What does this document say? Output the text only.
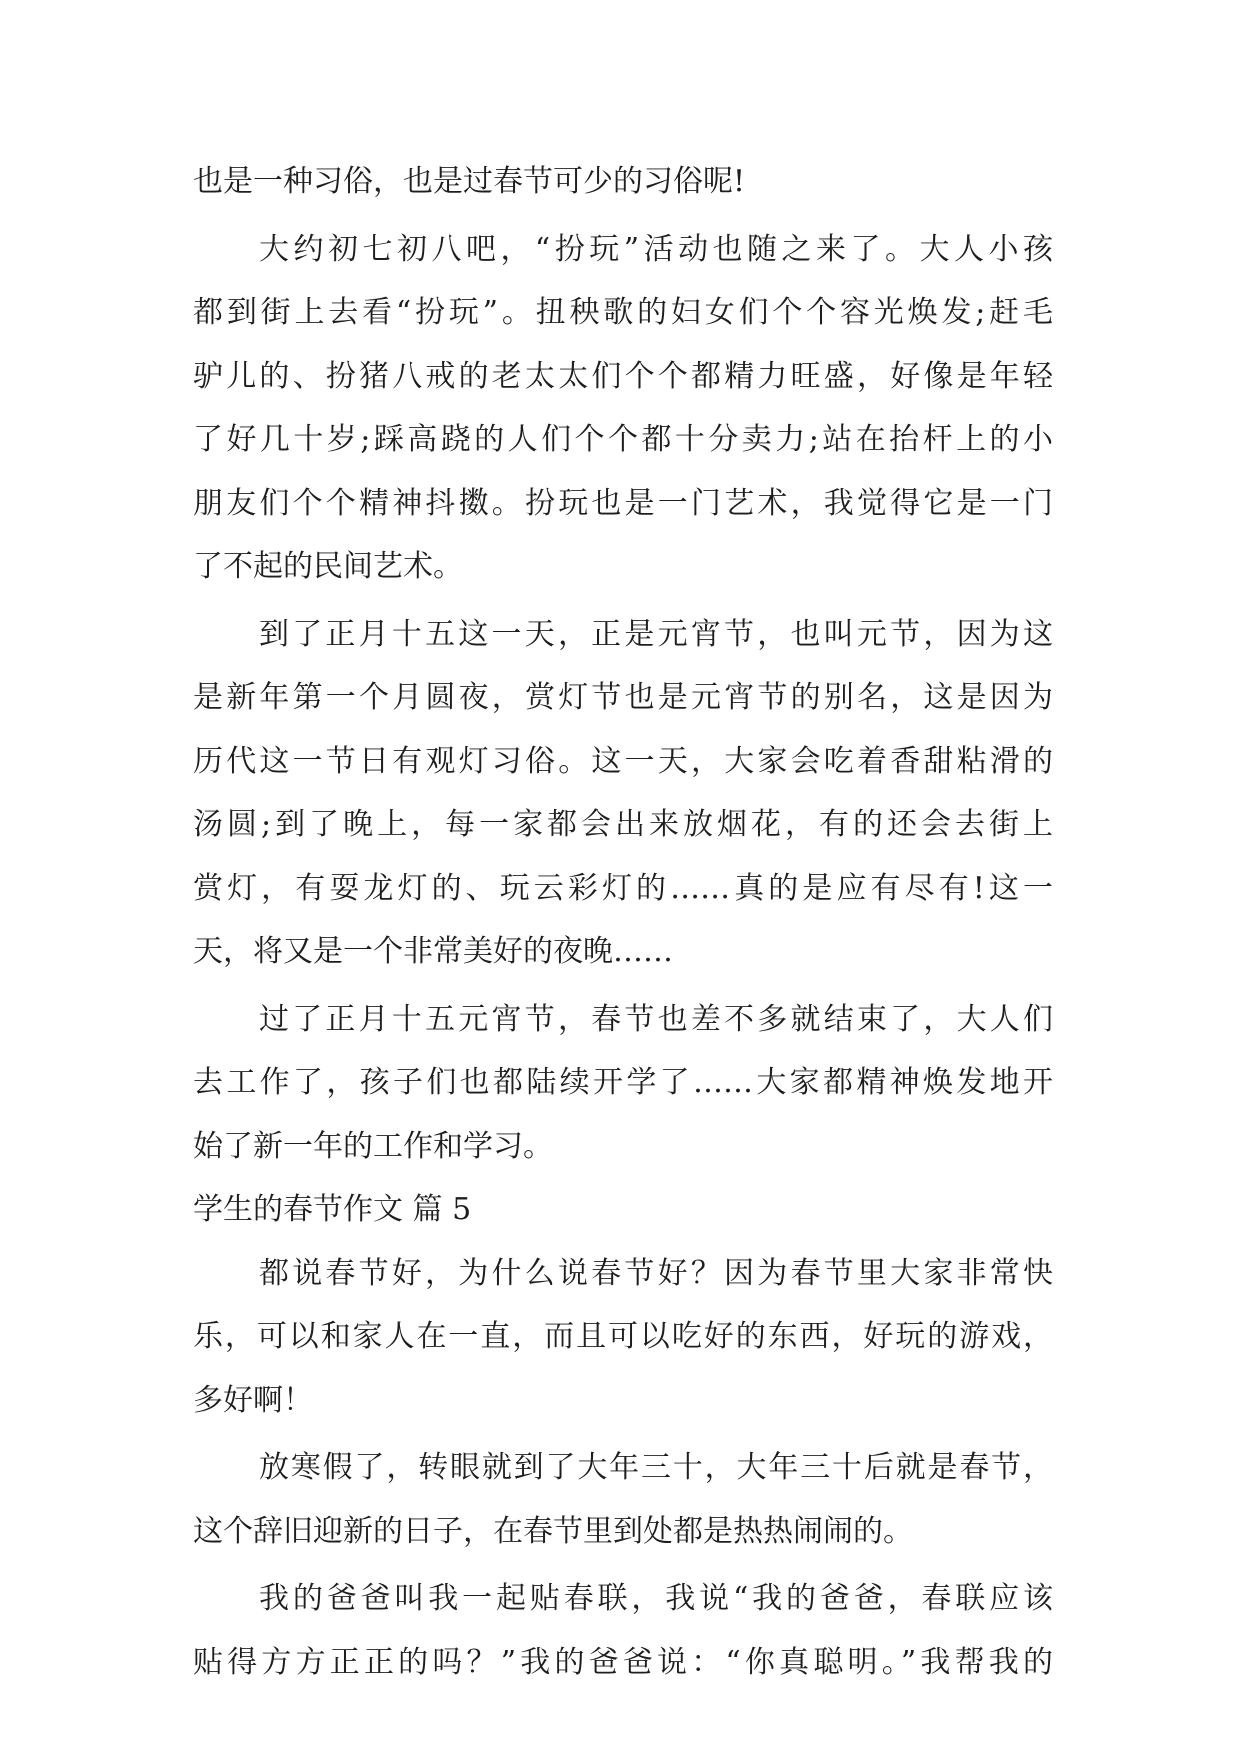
也是一种习俗，也是过春节可少的习俗呢!
大约初七初八吧，“扮玩”活动也随之来了。大人小孩
都到街上去看“扮玩”。扭秧歌的妇女们个个容光焕发;赶毛
驴儿的、扮猪八戒的老太太们个个都精力旺盛，好像是年轻
了好几十岁;踩高跷的人们个个都十分卖力;站在抬杆上的小
朋友们个个精神抖擞。扮玩也是一门艺术，我觉得它是一门
了不起的民间艺术。
到了正月十五这一天，正是元宵节，也叫元节，因为这
是新年第一个月圆夜，赏灯节也是元宵节的别名，这是因为
历代这一节日有观灯习俗。这一天，大家会吃着香甜粘滑的
汤圆;到了晚上，每一家都会出来放烟花，有的还会去街上
赏灯，有耍龙灯的、玩云彩灯的……真的是应有尽有!这一
天，将又是一个非常美好的夜晚……
过了正月十五元宵节，春节也差不多就结束了，大人们
去工作了，孩子们也都陆续开学了……大家都精神焕发地开
始了新一年的工作和学习。
学生的春节作文 篇 5
都说春节好，为什么说春节好？因为春节里大家非常快
乐，可以和家人在一直，而且可以吃好的东西，好玩的游戏，
多好啊！
放寒假了，转眼就到了大年三十，大年三十后就是春节，
这个辞旧迎新的日子，在春节里到处都是热热闹闹的。
我的爸爸叫我一起贴春联，我说“我的爸爸，春联应该
贴得方方正正的吗？”我的爸爸说：“你真聪明。”我帮我的
